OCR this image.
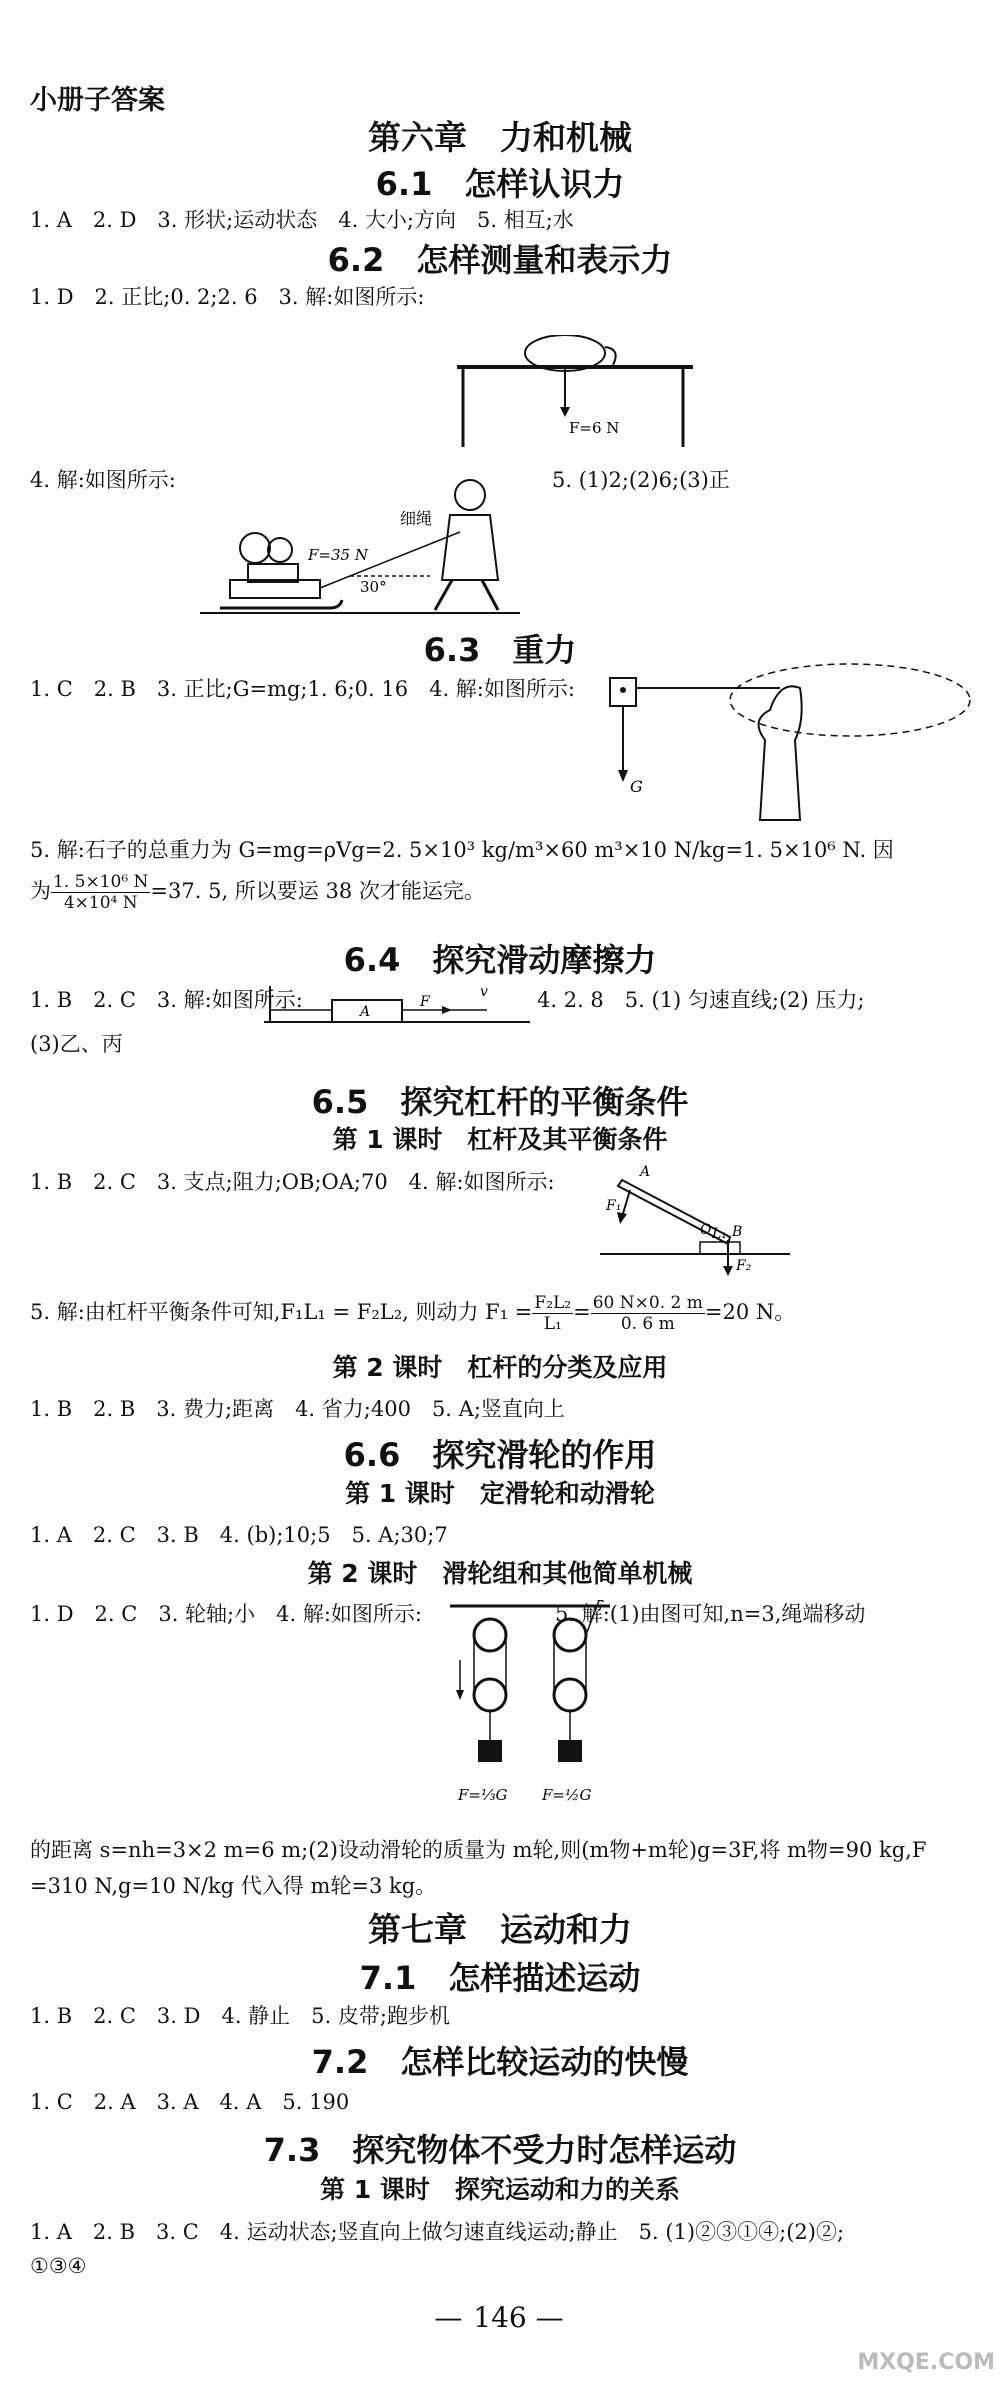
小册子答案
第六章　力和机械
6.1　怎样认识力
1. A　2. D　3. 形状;运动状态　4. 大小;方向　5. 相互;水
6.2　怎样测量和表示力
1. D　2. 正比;0. 2;2. 6　3. 解:如图所示:
F=6 N
4. 解:如图所示:	5. (1)2;(2)6;(3)正
细绳
F=35 N
30°
6.3　重力
1. C　2. B　3. 正比;G=mg;1. 6;0. 16　4. 解:如图所示:
G
5. 解:石子的总重力为 G=mg=ρVg=2. 5×10³ kg/m³×60 m³×10 N/kg=1. 5×10⁶ N. 因
为 $\frac{\text{1. 5×10⁶ N}}{\text{4×10⁴ N}} =37$. 5, 所以要运 38 次才能运完。
6.4　探究滑动摩擦力
1. B　2. C　3. 解:如图所示:	A
F
v 4. 2. 8　5. (1) 匀速直线;(2) 压力;
(3)乙、丙
6.5　探究杠杆的平衡条件
第 1 课时　杠杆及其平衡条件
1. B　2. C　3. 支点;阻力;OB;OA;70　4. 解:如图所示:	A
F₁
O L₁ B
F₂
5. 解:由杠杆平衡条件可知,F₁L₁ = F₂L₂, 则动力 $F_1 = \frac{\text{F₂L₂}}{\text{L₁}} = \frac{60 N\times 0. 2 m}{0. 6 m} =20$ N。
第 2 课时　杠杆的分类及应用
1. B　2. B　3. 费力;距离　4. 省力;400　5. A;竖直向上
6.6　探究滑轮的作用
第 1 课时　定滑轮和动滑轮
1. A　2. C　3. B　4. (b);10;5　5. A;30;7
第 2 课时　滑轮组和其他简单机械
1. D　2. C　3. 轮轴;小　4. 解:如图所示:	5. 解:(1)由图可知,n=3,绳端移动
F=⅓G F=½G
的距离 s=nh=3×2 m=6 m;(2)设动滑轮的质量为 m轮,则(m物+m轮)g=3F,将 m物=90 kg,F
=310 N,g=10 N/kg 代入得 m轮=3 kg。
第七章　运动和力
7.1　怎样描述运动
1. B　2. C　3. D　4. 静止　5. 皮带;跑步机
7.2　怎样比较运动的快慢
1. C　2. A　3. A　4. A　5. 190
7.3　探究物体不受力时怎样运动
第 1 课时　探究运动和力的关系
1. A　2. B　3. C　4. 运动状态;竖直向上做匀速直线运动;静止　5. (1)②③①④;(2)②;
①③④
— 146 —
MXQE.COM
